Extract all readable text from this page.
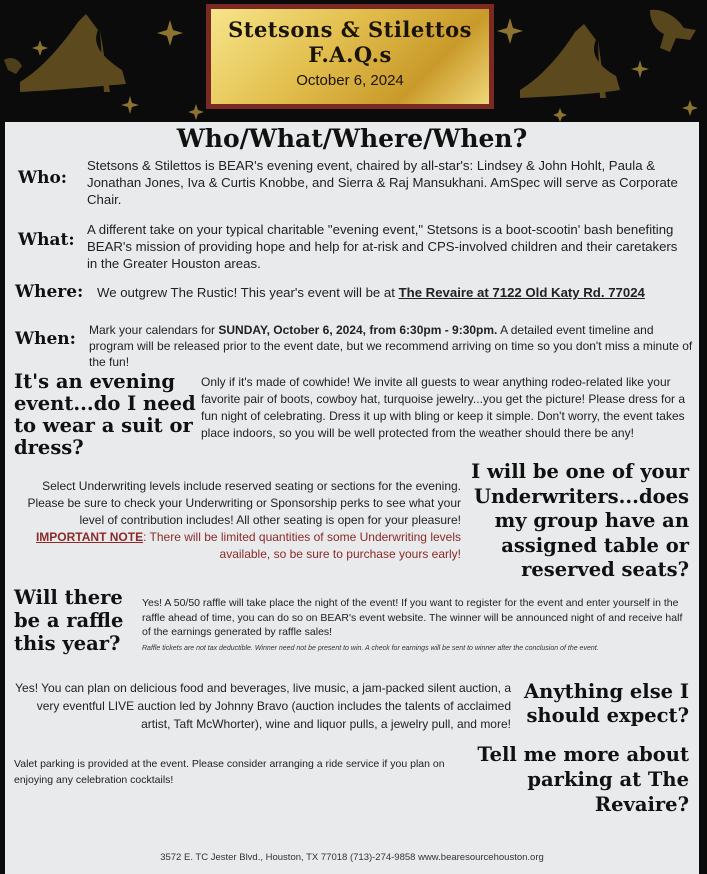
Stetsons & Stilettos
F.A.Q.s
October 6, 2024
Who/What/Where/When?
Who:
Stetsons & Stilettos is BEAR's evening event, chaired by all-star's: Lindsey & John Hohlt, Paula & Jonathan Jones, Iva & Curtis Knobbe, and Sierra & Raj Mansukhani. AmSpec will serve as Corporate Chair.
What:
A different take on your typical charitable "evening event," Stetsons is a boot-scootin' bash benefiting BEAR's mission of providing hope and help for at-risk and CPS-involved children and their caretakers in the Greater Houston areas.
Where: We outgrew The Rustic! This year's event will be at The Revaire at 7122 Old Katy Rd. 77024
When: Mark your calendars for SUNDAY, October 6, 2024, from 6:30pm - 9:30pm. A detailed event timeline and program will be released prior to the event date, but we recommend arriving on time so you don't miss a minute of the fun!
It's an evening event...do I need to wear a suit or dress?
Only if it's made of cowhide! We invite all guests to wear anything rodeo-related like your favorite pair of boots, cowboy hat, turquoise jewelry...you get the picture! Please dress for a fun night of celebrating. Dress it up with bling or keep it simple. Don't worry, the event takes place indoors, so you will be well protected from the weather should there be any!
I will be one of your Underwriters...does my group have an assigned table or reserved seats?
Select Underwriting levels include reserved seating or sections for the evening. Please be sure to check your Underwriting or Sponsorship perks to see what your level of contribution includes! All other seating is open for your pleasure!
IMPORTANT NOTE: There will be limited quantities of some Underwriting levels available, so be sure to purchase yours early!
Will there be a raffle this year?
Yes! A 50/50 raffle will take place the night of the event! If you want to register for the event and enter yourself in the raffle ahead of time, you can do so on BEAR's event website. The winner will be announced night of and receive half of the earnings generated by raffle sales!
Raffle tickets are not tax deductible. Winner need not be present to win. A check for earnings will be sent to winner after the conclusion of the event.
Anything else I should expect?
Yes! You can plan on delicious food and beverages, live music, a jam-packed silent auction, a very eventful LIVE auction led by Johnny Bravo (auction includes the talents of acclaimed artist, Taft McWhorter), wine and liquor pulls, a jewelry pull, and more!
Tell me more about parking at The Revaire?
Valet parking is provided at the event. Please consider arranging a ride service if you plan on enjoying any celebration cocktails!
3572 E. TC Jester Blvd., Houston, TX 77018 (713)-274-9858 www.bearesourcehouston.org
